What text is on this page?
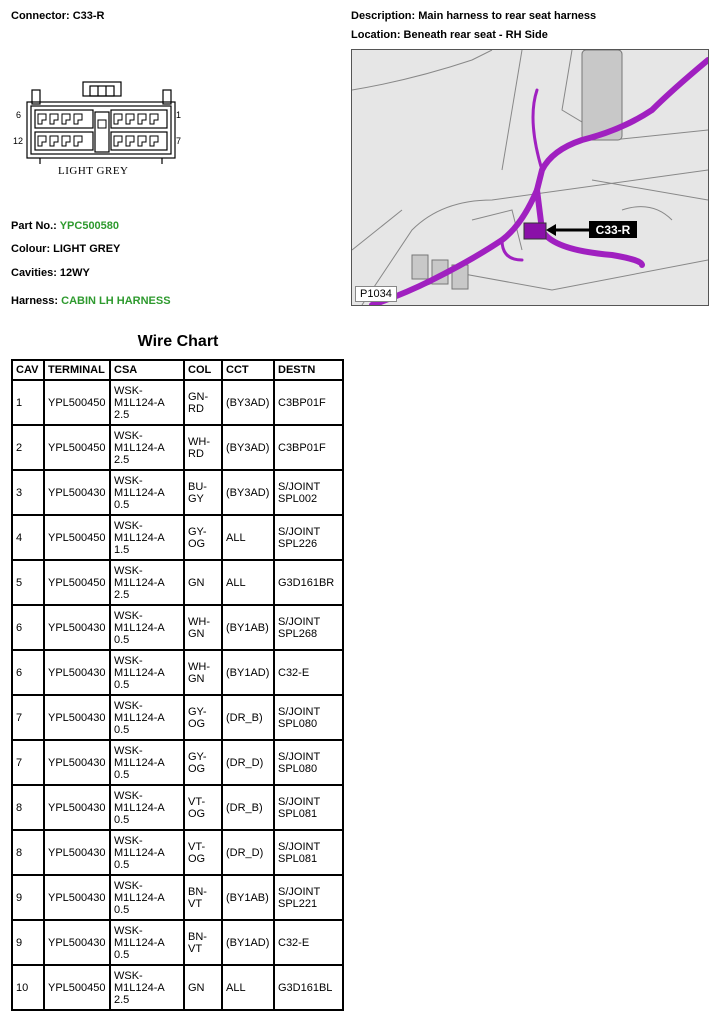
Connector: C33-R	Description: Main harness to rear seat harness
Location: Beneath rear seat - RH Side
6	1
12	7
LIGHT GREY
Part No.: YPC500580
Colour: LIGHT GREY
Cavities: 12WY
Harness: CABIN LH HARNESS
C33-R
P1034
Wire Chart
CAV	TERMINAL	CSA	COL	CCT	DESTN
1	YPL500450	WSK-M1L124-A 2.5	GN-RD	(BY3AD)	C3BP01F
2	YPL500450	WSK-M1L124-A 2.5	WH-RD	(BY3AD)	C3BP01F
3	YPL500430	WSK-M1L124-A 0.5	BU-GY	(BY3AD)	S/JOINT SPL002
4	YPL500450	WSK-M1L124-A 1.5	GY-OG	ALL	S/JOINT SPL226
5	YPL500450	WSK-M1L124-A 2.5	GN	ALL	G3D161BR
6	YPL500430	WSK-M1L124-A 0.5	WH-GN	(BY1AB)	S/JOINT SPL268
6	YPL500430	WSK-M1L124-A 0.5	WH-GN	(BY1AD)	C32-E
7	YPL500430	WSK-M1L124-A 0.5	GY-OG	(DR_B)	S/JOINT SPL080
7	YPL500430	WSK-M1L124-A 0.5	GY-OG	(DR_D)	S/JOINT SPL080
8	YPL500430	WSK-M1L124-A 0.5	VT-OG	(DR_B)	S/JOINT SPL081
8	YPL500430	WSK-M1L124-A 0.5	VT-OG	(DR_D)	S/JOINT SPL081
9	YPL500430	WSK-M1L124-A 0.5	BN-VT	(BY1AB)	S/JOINT SPL221
9	YPL500430	WSK-M1L124-A 0.5	BN-VT	(BY1AD)	C32-E
10	YPL500450	WSK-M1L124-A 2.5	GN	ALL	G3D161BL
